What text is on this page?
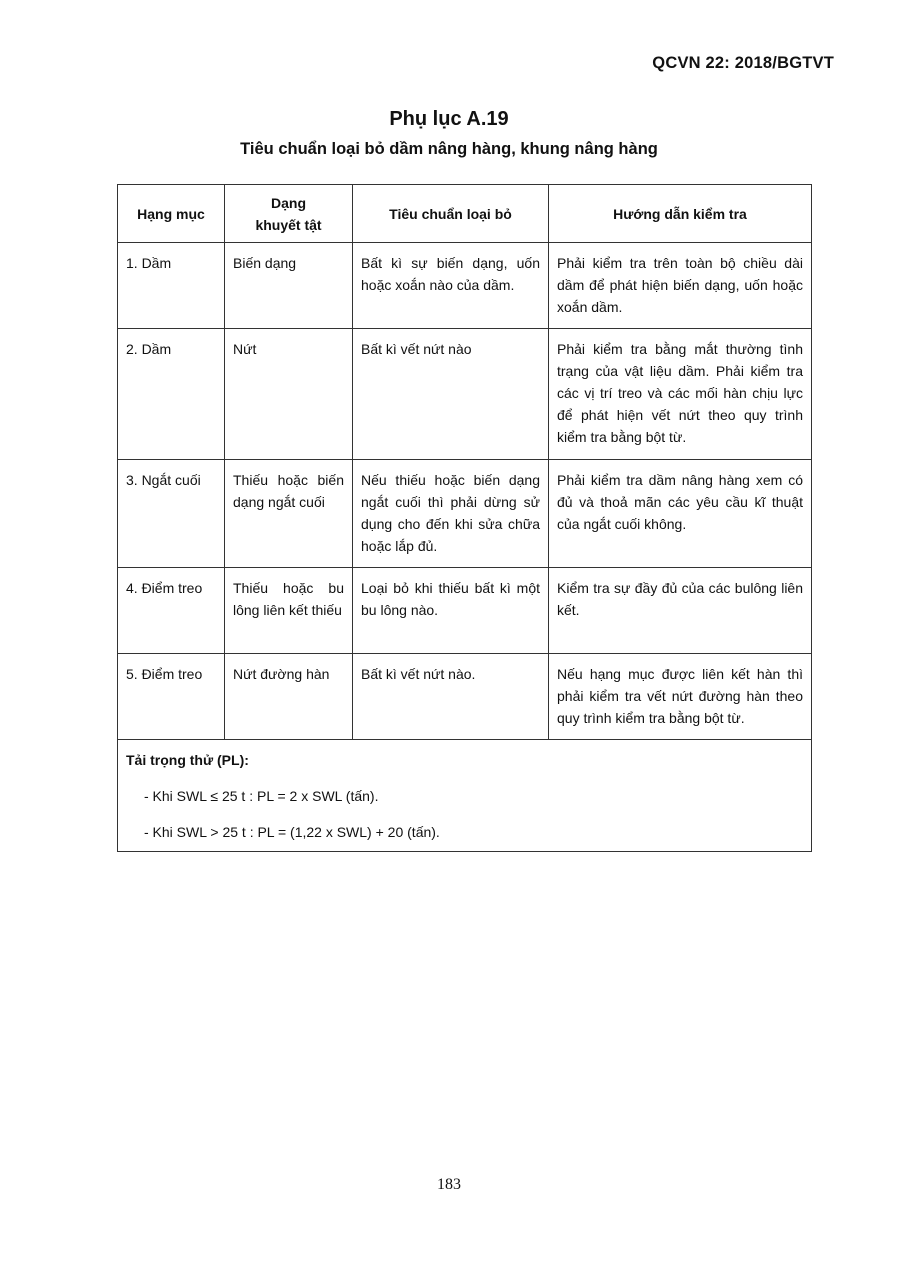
QCVN 22: 2018/BGTVT
Phụ lục A.19
Tiêu chuẩn loại bỏ dầm nâng hàng, khung nâng hàng
Hạng mục	Dạng khuyết tật	Tiêu chuẩn loại bỏ	Hướng dẫn kiểm tra
1. Dầm	Biến dạng	Bất kì sự biến dạng, uốn hoặc xoắn nào của dầm.	Phải kiểm tra trên toàn bộ chiều dài dầm để phát hiện biến dạng, uốn hoặc xoắn dầm.
2. Dầm	Nứt	Bất kì vết nứt nào	Phải kiểm tra bằng mắt thường tình trạng của vật liệu dầm. Phải kiểm tra các vị trí treo và các mối hàn chịu lực để phát hiện vết nứt theo quy trình kiểm tra bằng bột từ.
3. Ngắt cuối	Thiếu hoặc biến dạng ngắt cuối	Nếu thiếu hoặc biến dạng ngắt cuối thì phải dừng sử dụng cho đến khi sửa chữa hoặc lắp đủ.	Phải kiểm tra dầm nâng hàng xem có đủ và thoả mãn các yêu cầu kĩ thuật của ngắt cuối không.
4. Điểm treo	Thiếu hoặc bu lông liên kết thiếu	Loại bỏ khi thiếu bất kì một bu lông nào.	Kiểm tra sự đầy đủ của các bulông liên kết.
5. Điểm treo	Nứt đường hàn	Bất kì vết nứt nào.	Nếu hạng mục được liên kết hàn thì phải kiểm tra vết nứt đường hàn theo quy trình kiểm tra bằng bột từ.

Tải trọng thử (PL):
- Khi SWL ≤ 25 t : PL = 2 x SWL (tấn).
- Khi SWL > 25 t : PL = (1,22 x SWL) + 20 (tấn).			
183
